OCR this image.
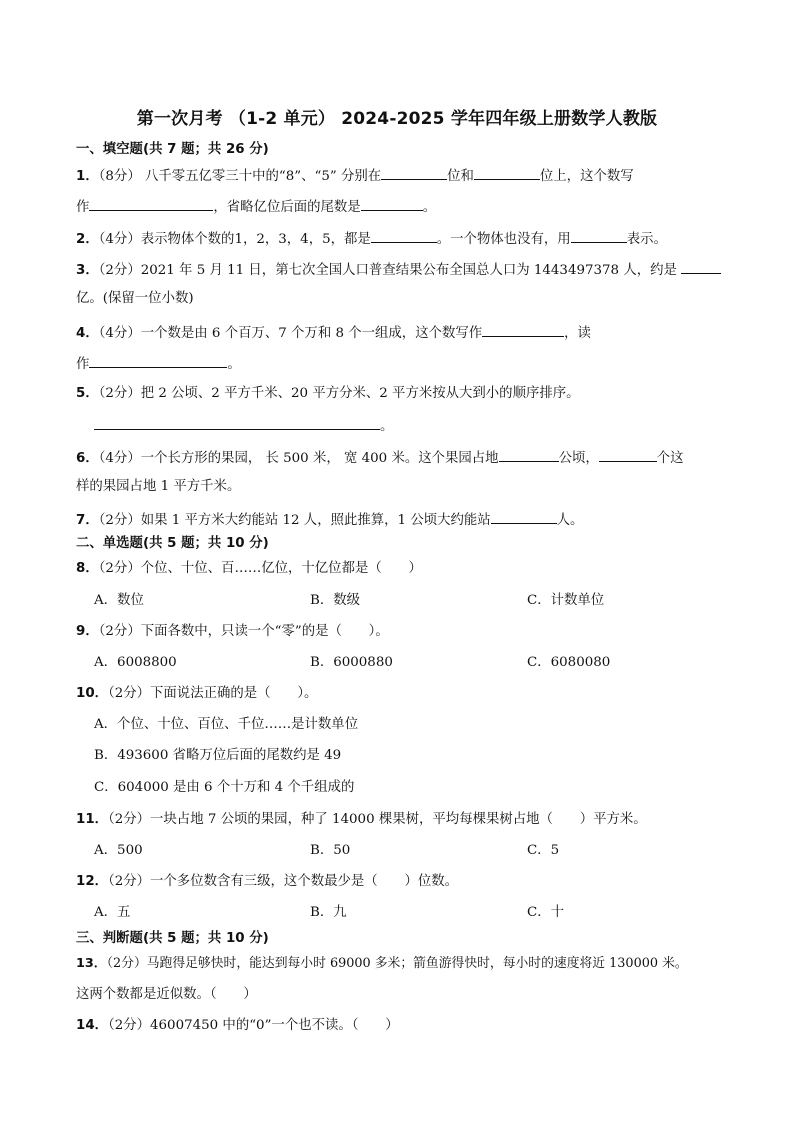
第一次月考 （1-2 单元） 2024-2025 学年四年级上册数学人教版
一、填空题(共 7 题；共 26 分)
1．（8分） 八千零五亿零三十中的“8”、“5” 分别在	位和	位上，这个数写
作	，省略亿位后面的尾数是	。
2．（4分）表示物体个数的1，2，3，4，5，都是	。一个物体也没有，用	表示。
3．（2分）2021 年 5 月 11 日，第七次全国人口普查结果公布全国总人口为 1443497378 人，约是
亿。(保留一位小数)
4．（4分）一个数是由 6 个百万、7 个万和 8 个一组成，这个数写作	，读
作	。
5．（2分）把 2 公顷、2 平方千米、20 平方分米、2 平方米按从大到小的顺序排序。
。
6．（4分）一个长方形的果园， 长 500 米， 宽 400 米。这个果园占地	公顷，	个这
样的果园占地 1 平方千米。
7．（2分）如果 1 平方米大约能站 12 人，照此推算，1 公顷大约能站	人。
二、单选题(共 5 题；共 10 分)
8．（2分）个位、十位、百……亿位，十亿位都是（　　）
A．数位	B．数级	C．计数单位
9．（2分）下面各数中，只读一个“零”的是（　　）。
A．6008800	B．6000880	C．6080080
10．（2分）下面说法正确的是（　　）。
A．个位、十位、百位、千位……是计数单位
B．493600 省略万位后面的尾数约是 49
C．604000 是由 6 个十万和 4 个千组成的
11．（2分）一块占地 7 公顷的果园，种了 14000 棵果树，平均每棵果树占地（　　）平方米。
A．500	B．50	C．5
12．（2分）一个多位数含有三级，这个数最少是（　　）位数。
A．五	B．九	C．十
三、判断题(共 5 题；共 10 分)
13．（2分）马跑得足够快时，能达到每小时 69000 多米；箭鱼游得快时，每小时的速度将近 130000 米。
这两个数都是近似数。（　　）
14．（2分）46007450 中的“0”一个也不读。（　　）
